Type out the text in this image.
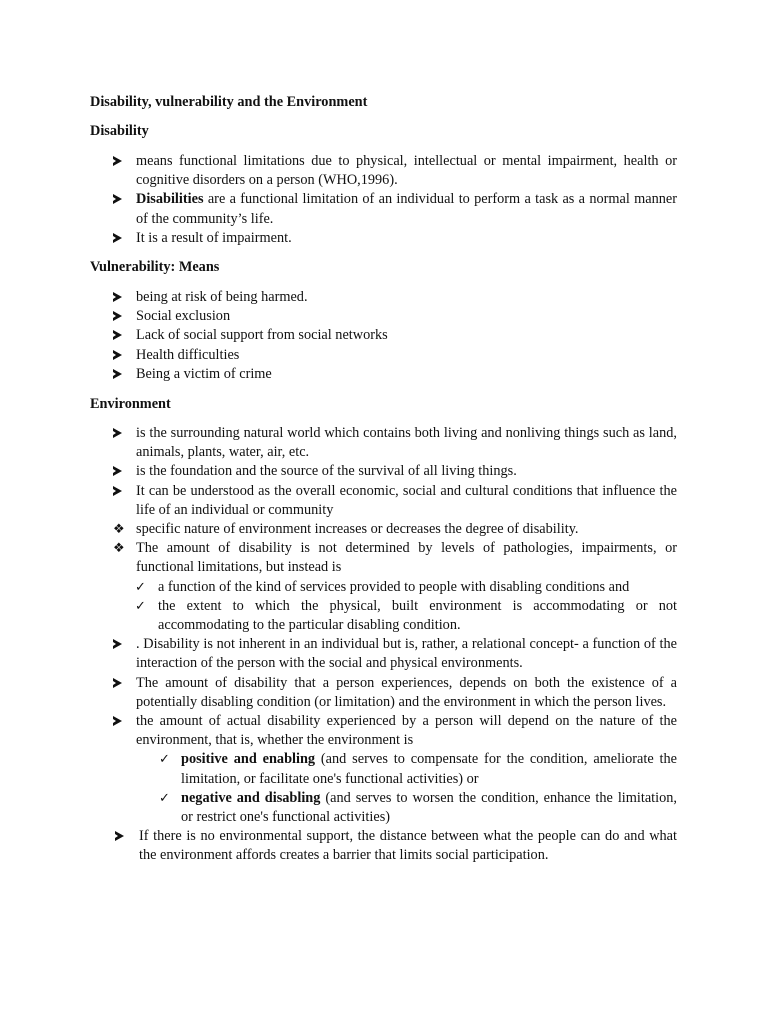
Disability, vulnerability and the Environment
Disability
means functional limitations due to physical, intellectual or mental impairment, health or cognitive disorders on a person (WHO,1996).
Disabilities are a functional limitation of an individual to perform a task as a normal manner of the community’s life.
It is a result of impairment.
Vulnerability: Means
being at risk of being harmed.
Social exclusion
Lack of social support from social networks
Health difficulties
Being a victim of crime
Environment
is the surrounding natural world which contains both living and nonliving things such as land, animals, plants, water, air, etc.
is the foundation and the source of the survival of all living things.
It can be understood as the overall economic, social and cultural conditions that influence the life of an individual or community
❖ specific nature of environment increases or decreases the degree of disability.
❖ The amount of disability is not determined by levels of pathologies, impairments, or functional limitations, but instead is
✓ a function of the kind of services provided to people with disabling conditions and
✓ the extent to which the physical, built environment is accommodating or not accommodating to the particular disabling condition.
. Disability is not inherent in an individual but is, rather, a relational concept- a function of the interaction of the person with the social and physical environments.
The amount of disability that a person experiences, depends on both the existence of a potentially disabling condition (or limitation) and the environment in which the person lives.
the amount of actual disability experienced by a person will depend on the nature of the environment, that is, whether the environment is
✓ positive and enabling (and serves to compensate for the condition, ameliorate the limitation, or facilitate one's functional activities) or
✓ negative and disabling (and serves to worsen the condition, enhance the limitation, or restrict one's functional activities)
If there is no environmental support, the distance between what the people can do and what the environment affords creates a barrier that limits social participation.
